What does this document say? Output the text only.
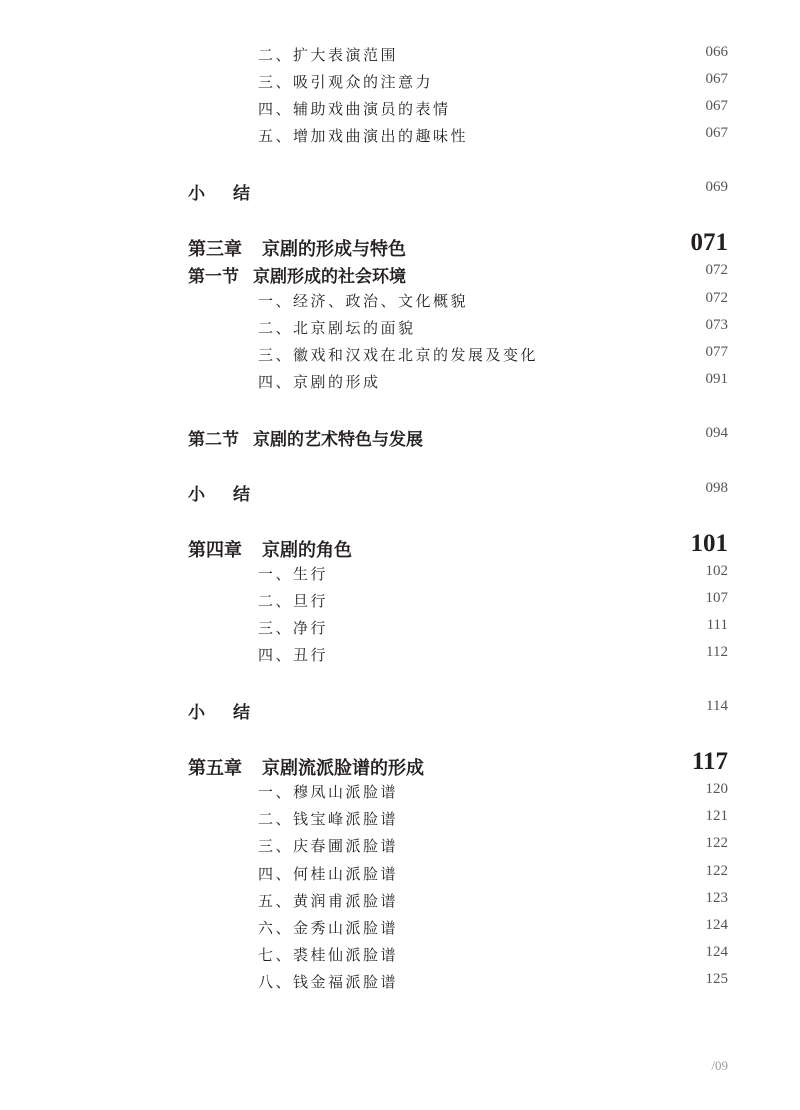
二、扩大表演范围	066
三、吸引观众的注意力	067
四、辅助戏曲演员的表情	067
五、增加戏曲演出的趣味性	067
小 结	069
第三章 京剧的形成与特色	071
第一节 京剧形成的社会环境	072
一、经济、政治、文化概貌	072
二、北京剧坛的面貌	073
三、徽戏和汉戏在北京的发展及变化	077
四、京剧的形成	091
第二节 京剧的艺术特色与发展	094
小 结	098
第四章 京剧的角色	101
一、生行	102
二、旦行	107
三、净行	111
四、丑行	112
小 结	114
第五章 京剧流派脸谱的形成	117
一、穆凤山派脸谱	120
二、钱宝峰派脸谱	121
三、庆春圃派脸谱	122
四、何桂山派脸谱	122
五、黄润甫派脸谱	123
六、金秀山派脸谱	124
七、裘桂仙派脸谱	124
八、钱金福派脸谱	125
/09
